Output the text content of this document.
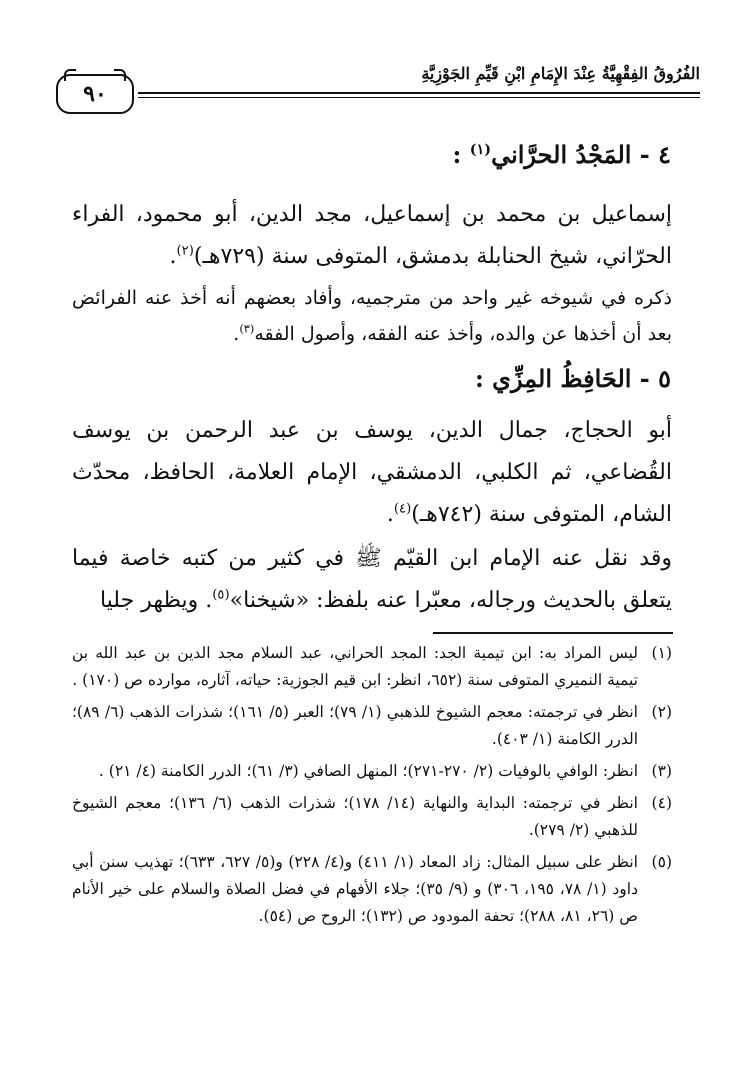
٩٠
الفُرُوقُ الفِقْهِيَّةُ عِنْدَ الإِمَامِ ابْنِ قَيِّمِ الجَوْزِيَّةِ
٤ - المَجْدُ الحرَّاني$^{(١)}$ :
إسماعيل بن محمد بن إسماعيل، مجد الدين، أبو محمود، الفراء الحرّاني، شيخ الحنابلة بدمشق، المتوفى سنة (٧٢٩هـ)$^{(٢)}$.
ذكره في شيوخه غير واحد من مترجميه، وأفاد بعضهم أنه أخذ عنه الفرائض بعد أن أخذها عن والده، وأخذ عنه الفقه، وأصول الفقه$^{(٣)}$.
٥ - الحَافِظُ المِزِّي :
أبو الحجاج، جمال الدين، يوسف بن عبد الرحمن بن يوسف القُضاعي، ثم الكلبي، الدمشقي، الإمام العلامة، الحافظ، محدّث الشام، المتوفى سنة (٧٤٢هـ)$^{(٤)}$.
وقد نقل عنه الإمام ابن القيّم ﷺ في كثير من كتبه خاصة فيما يتعلق بالحديث ورجاله، معبّرا عنه بلفظ: «شيخنا»$^{(٥)}$. ويظهر جليا
(١)
ليس المراد به: ابن تيمية الجد: المجد الحراني، عبد السلام مجد الدين بن عبد الله بن تيمية النميري المتوفى سنة (٦٥٢، انظر: ابن قيم الجوزية: حياته، آثاره، موارده ص (١٧٠) .
(٢)
انظر في ترجمته: معجم الشيوخ للذهبي (١/ ٧٩)؛ العبر (٥/ ١٦١)؛ شذرات الذهب (٦/ ٨٩)؛ الدرر الكامنة (١/ ٤٠٣).
(٣)
انظر: الوافي بالوفيات (٢/ ٢٧٠-٢٧١)؛ المنهل الصافي (٣/ ٦١)؛ الدرر الكامنة (٤/ ٢١) .
(٤)
انظر في ترجمته: البداية والنهاية (١٤/ ١٧٨)؛ شذرات الذهب (٦/ ١٣٦)؛ معجم الشيوخ للذهبي (٢/ ٢٧٩).
(٥)
انظر على سبيل المثال: زاد المعاد (١/ ٤١١) و(٤/ ٢٢٨) و(٥/ ٦٢٧، ٦٣٣)؛ تهذيب سنن أبي داود (١/ ٧٨، ١٩٥، ٣٠٦) و (٩/ ٣٥)؛ جلاء الأفهام في فضل الصلاة والسلام على خير الأنام ص (٢٦، ٨١، ٢٨٨)؛ تحفة المودود ص (١٣٢)؛ الروح ص (٥٤).
